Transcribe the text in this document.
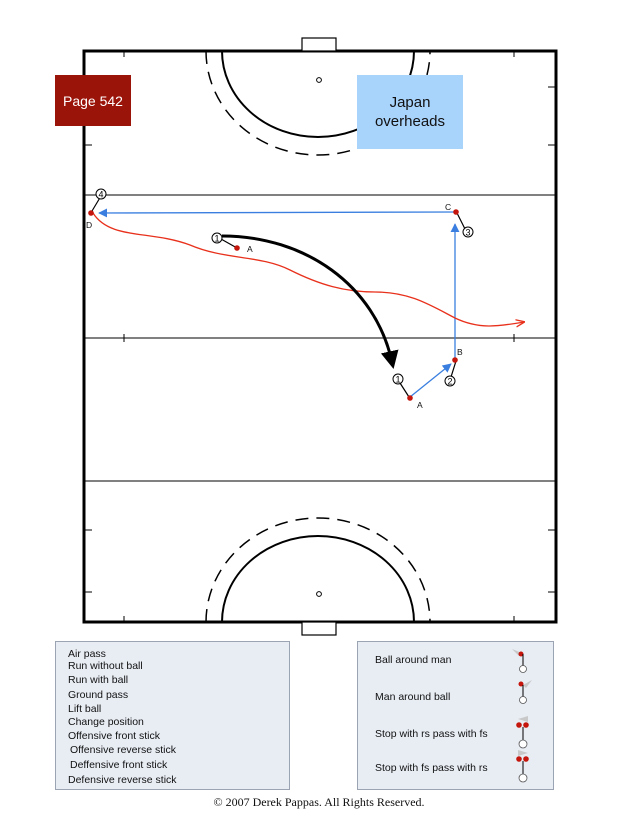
4
3
1
2
1
D
C
A
B
A
Page 542	Japan
overheads
Air pass
Run without ball
Run with ball
Ground pass
Lift ball
Change position
Offensive front stick
Offensive reverse stick
Deffensive front stick
Defensive reverse stick
Ball around man
Man around ball
Stop with rs pass with fs
Stop with fs pass with rs
© 2007 Derek Pappas. All Rights Reserved.
